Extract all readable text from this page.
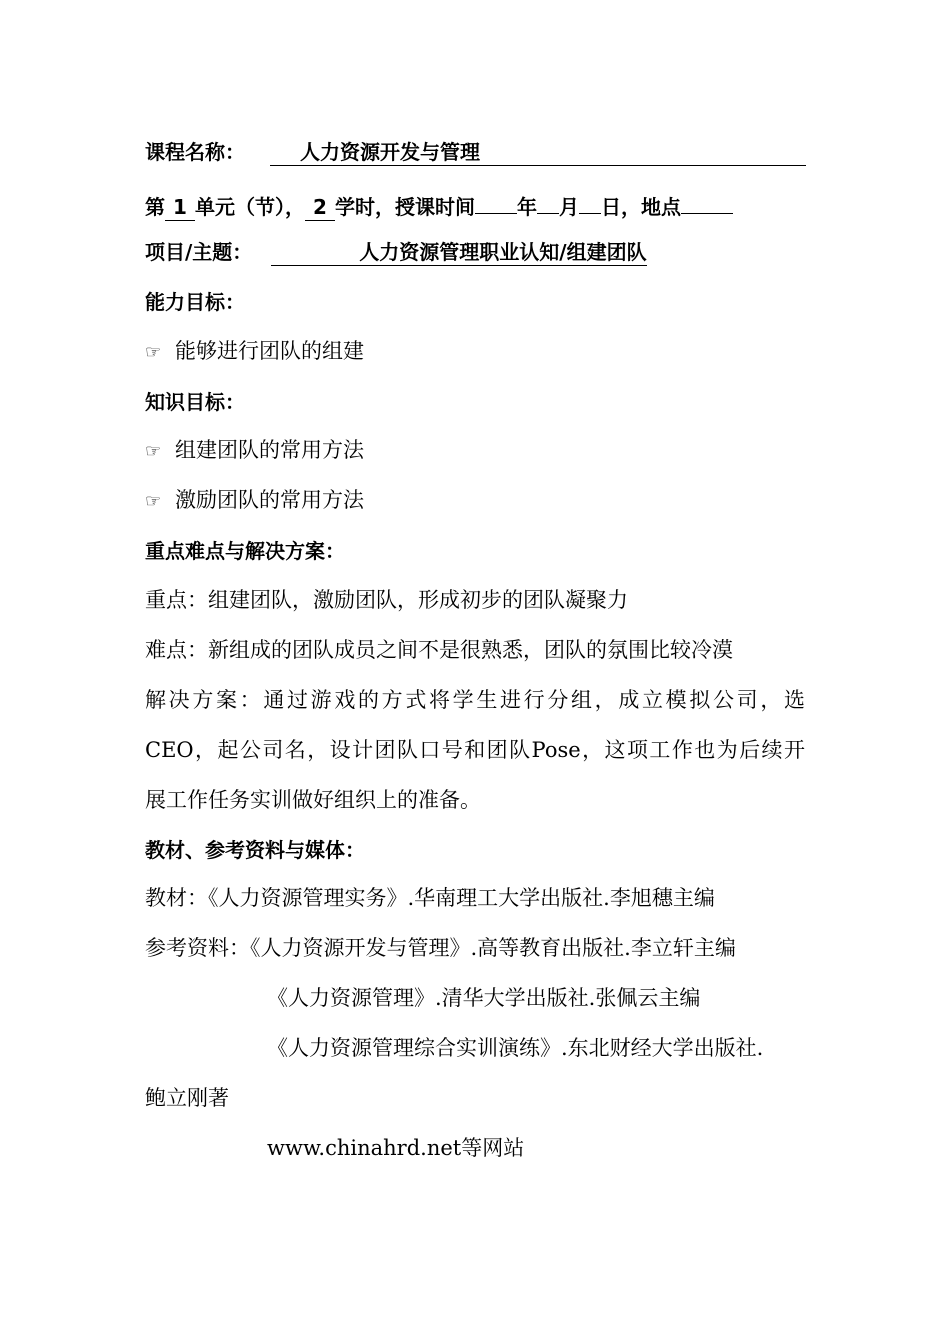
课程名称：	人力资源开发与管理
第 1 单元（节）， 2 学时，授课时间 年 月 日，地点
项目/主题：	人力资源管理职业认知/组建团队
能力目标：
☞ 能够进行团队的组建
知识目标：
☞ 组建团队的常用方法
☞ 激励团队的常用方法
重点难点与解决方案：
重点：组建团队，激励团队，形成初步的团队凝聚力
难点：新组成的团队成员之间不是很熟悉，团队的氛围比较冷漠
解决方案：通过游戏的方式将学生进行分组，成立模拟公司，选
CEO，起公司名，设计团队口号和团队Pose，这项工作也为后续开
展工作任务实训做好组织上的准备。
教材、参考资料与媒体：
教材：《人力资源管理实务》.华南理工大学出版社.李旭穗主编
参考资料：《人力资源开发与管理》.高等教育出版社.李立轩主编
《人力资源管理》.清华大学出版社.张佩云主编
《人力资源管理综合实训演练》.东北财经大学出版社.
鲍立刚著
www.chinahrd.net等网站
